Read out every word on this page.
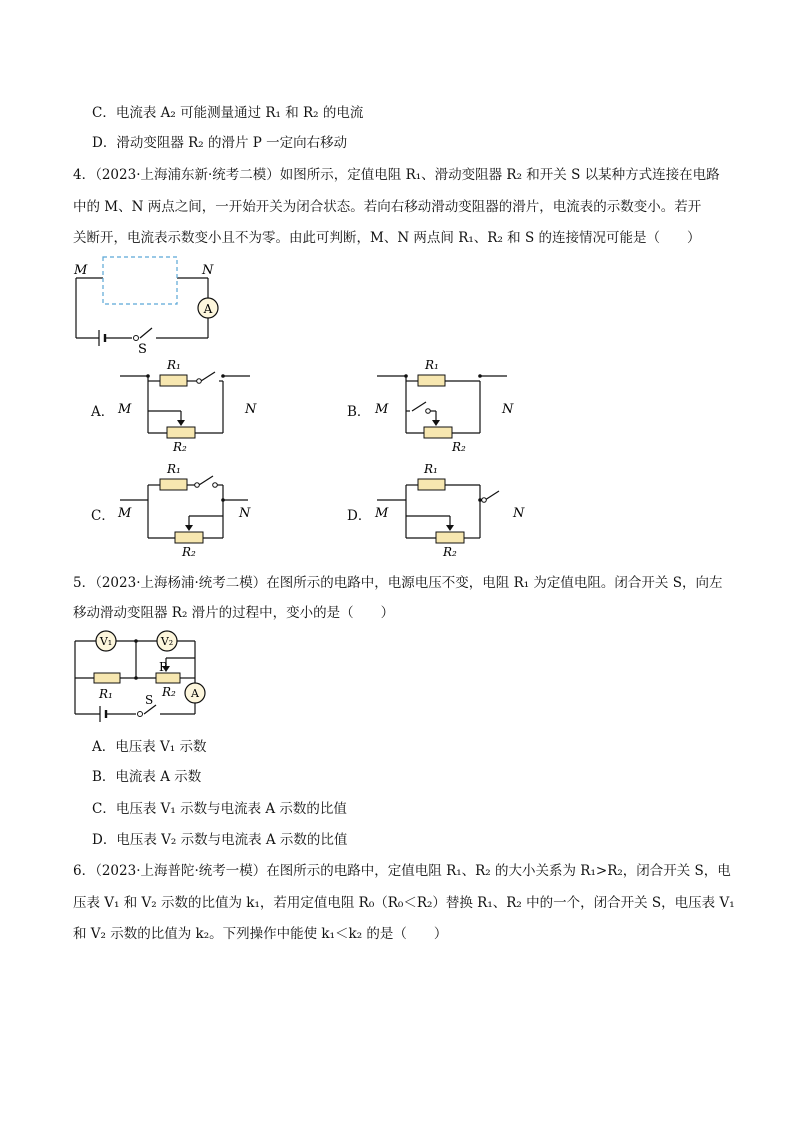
C．电流表 A₂ 可能测量通过 R₁ 和 R₂ 的电流
D．滑动变阻器 R₂ 的滑片 P 一定向右移动
4．（2023·上海浦东新·统考二模）如图所示，定值电阻 R₁、滑动变阻器 R₂ 和开关 S 以某种方式连接在电路
中的 M、N 两点之间，一开始开关为闭合状态。若向右移动滑动变阻器的滑片，电流表的示数变小。若开
关断开，电流表示数变小且不为零。由此可判断，M、N 两点间 R₁、R₂ 和 S 的连接情况可能是（　　）
A
M	N
S
A． M	N
R₁
R₂
B． M	N
R₁
R₂
C． M	N
R₁
R₂
D． M	N
R₁
R₂
5．（2023·上海杨浦·统考二模）在图所示的电路中，电源电压不变，电阻 R₁ 为定值电阻。闭合开关 S，向左
移动滑动变阻器 R₂ 滑片的过程中，变小的是（　　）
V₁	V₂
A
P
R₁	R₂
S
A．电压表 V₁ 示数
B．电流表 A 示数
C．电压表 V₁ 示数与电流表 A 示数的比值
D．电压表 V₂ 示数与电流表 A 示数的比值
6．（2023·上海普陀·统考一模）在图所示的电路中，定值电阻 R₁、R₂ 的大小关系为 R₁>R₂，闭合开关 S，电
压表 V₁ 和 V₂ 示数的比值为 k₁，若用定值电阻 R₀（R₀＜R₂）替换 R₁、R₂ 中的一个，闭合开关 S，电压表 V₁
和 V₂ 示数的比值为 k₂。下列操作中能使 k₁＜k₂ 的是（　　）
